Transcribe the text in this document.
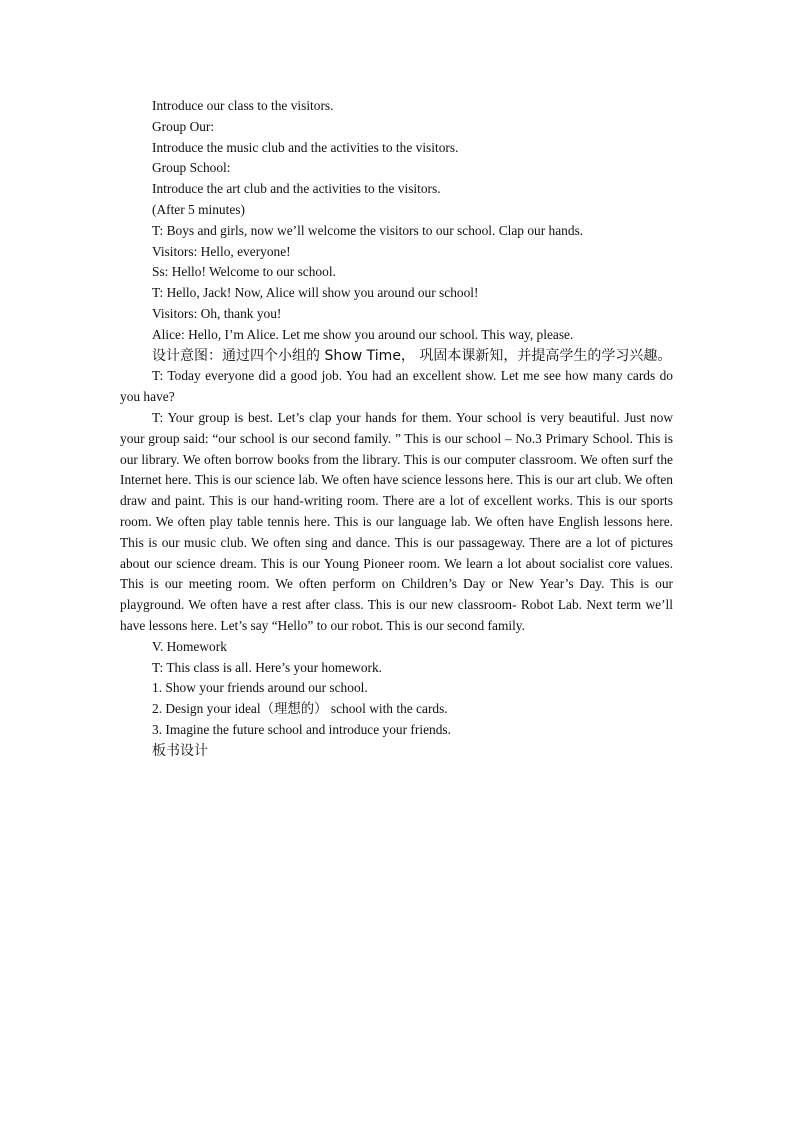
Introduce our class to the visitors.

Group Our:

Introduce the music club and the activities to the visitors.

Group School:

Introduce the art club and the activities to the visitors.

(After 5 minutes)

T: Boys and girls, now we’ll welcome the visitors to our school. Clap our hands.

Visitors: Hello, everyone!

Ss: Hello! Welcome to our school.

T: Hello, Jack! Now, Alice will show you around our school!

Visitors: Oh, thank you!

Alice: Hello, I’m Alice. Let me show you around our school. This way, please.

设计意图：通过四个小组的 Show Time， 巩固本课新知，并提高学生的学习兴趣。

T: Today everyone did a good job. You had an excellent show. Let me see how many cards do you have?

T: Your group is best. Let’s clap your hands for them. Your school is very beautiful. Just now your group said: “our school is our second family. ” This is our school – No.3 Primary School. This is our library. We often borrow books from the library. This is our computer classroom. We often surf the Internet here. This is our science lab. We often have science lessons here. This is our art club. We often draw and paint. This is our hand-writing room. There are a lot of excellent works. This is our sports room. We often play table tennis here. This is our language lab. We often have English lessons here. This is our music club. We often sing and dance. This is our passageway. There are a lot of pictures about our science dream. This is our Young Pioneer room. We learn a lot about socialist core values. This is our meeting room. We often perform on Children’s Day or New Year’s Day. This is our playground. We often have a rest after class. This is our new classroom- Robot Lab. Next term we’ll have lessons here. Let’s say “Hello” to our robot. This is our second family.

V. Homework

T: This class is all. Here’s your homework.

1. Show your friends around our school.

2. Design your ideal（理想的） school with the cards.

3. Imagine the future school and introduce your friends.

板书设计
